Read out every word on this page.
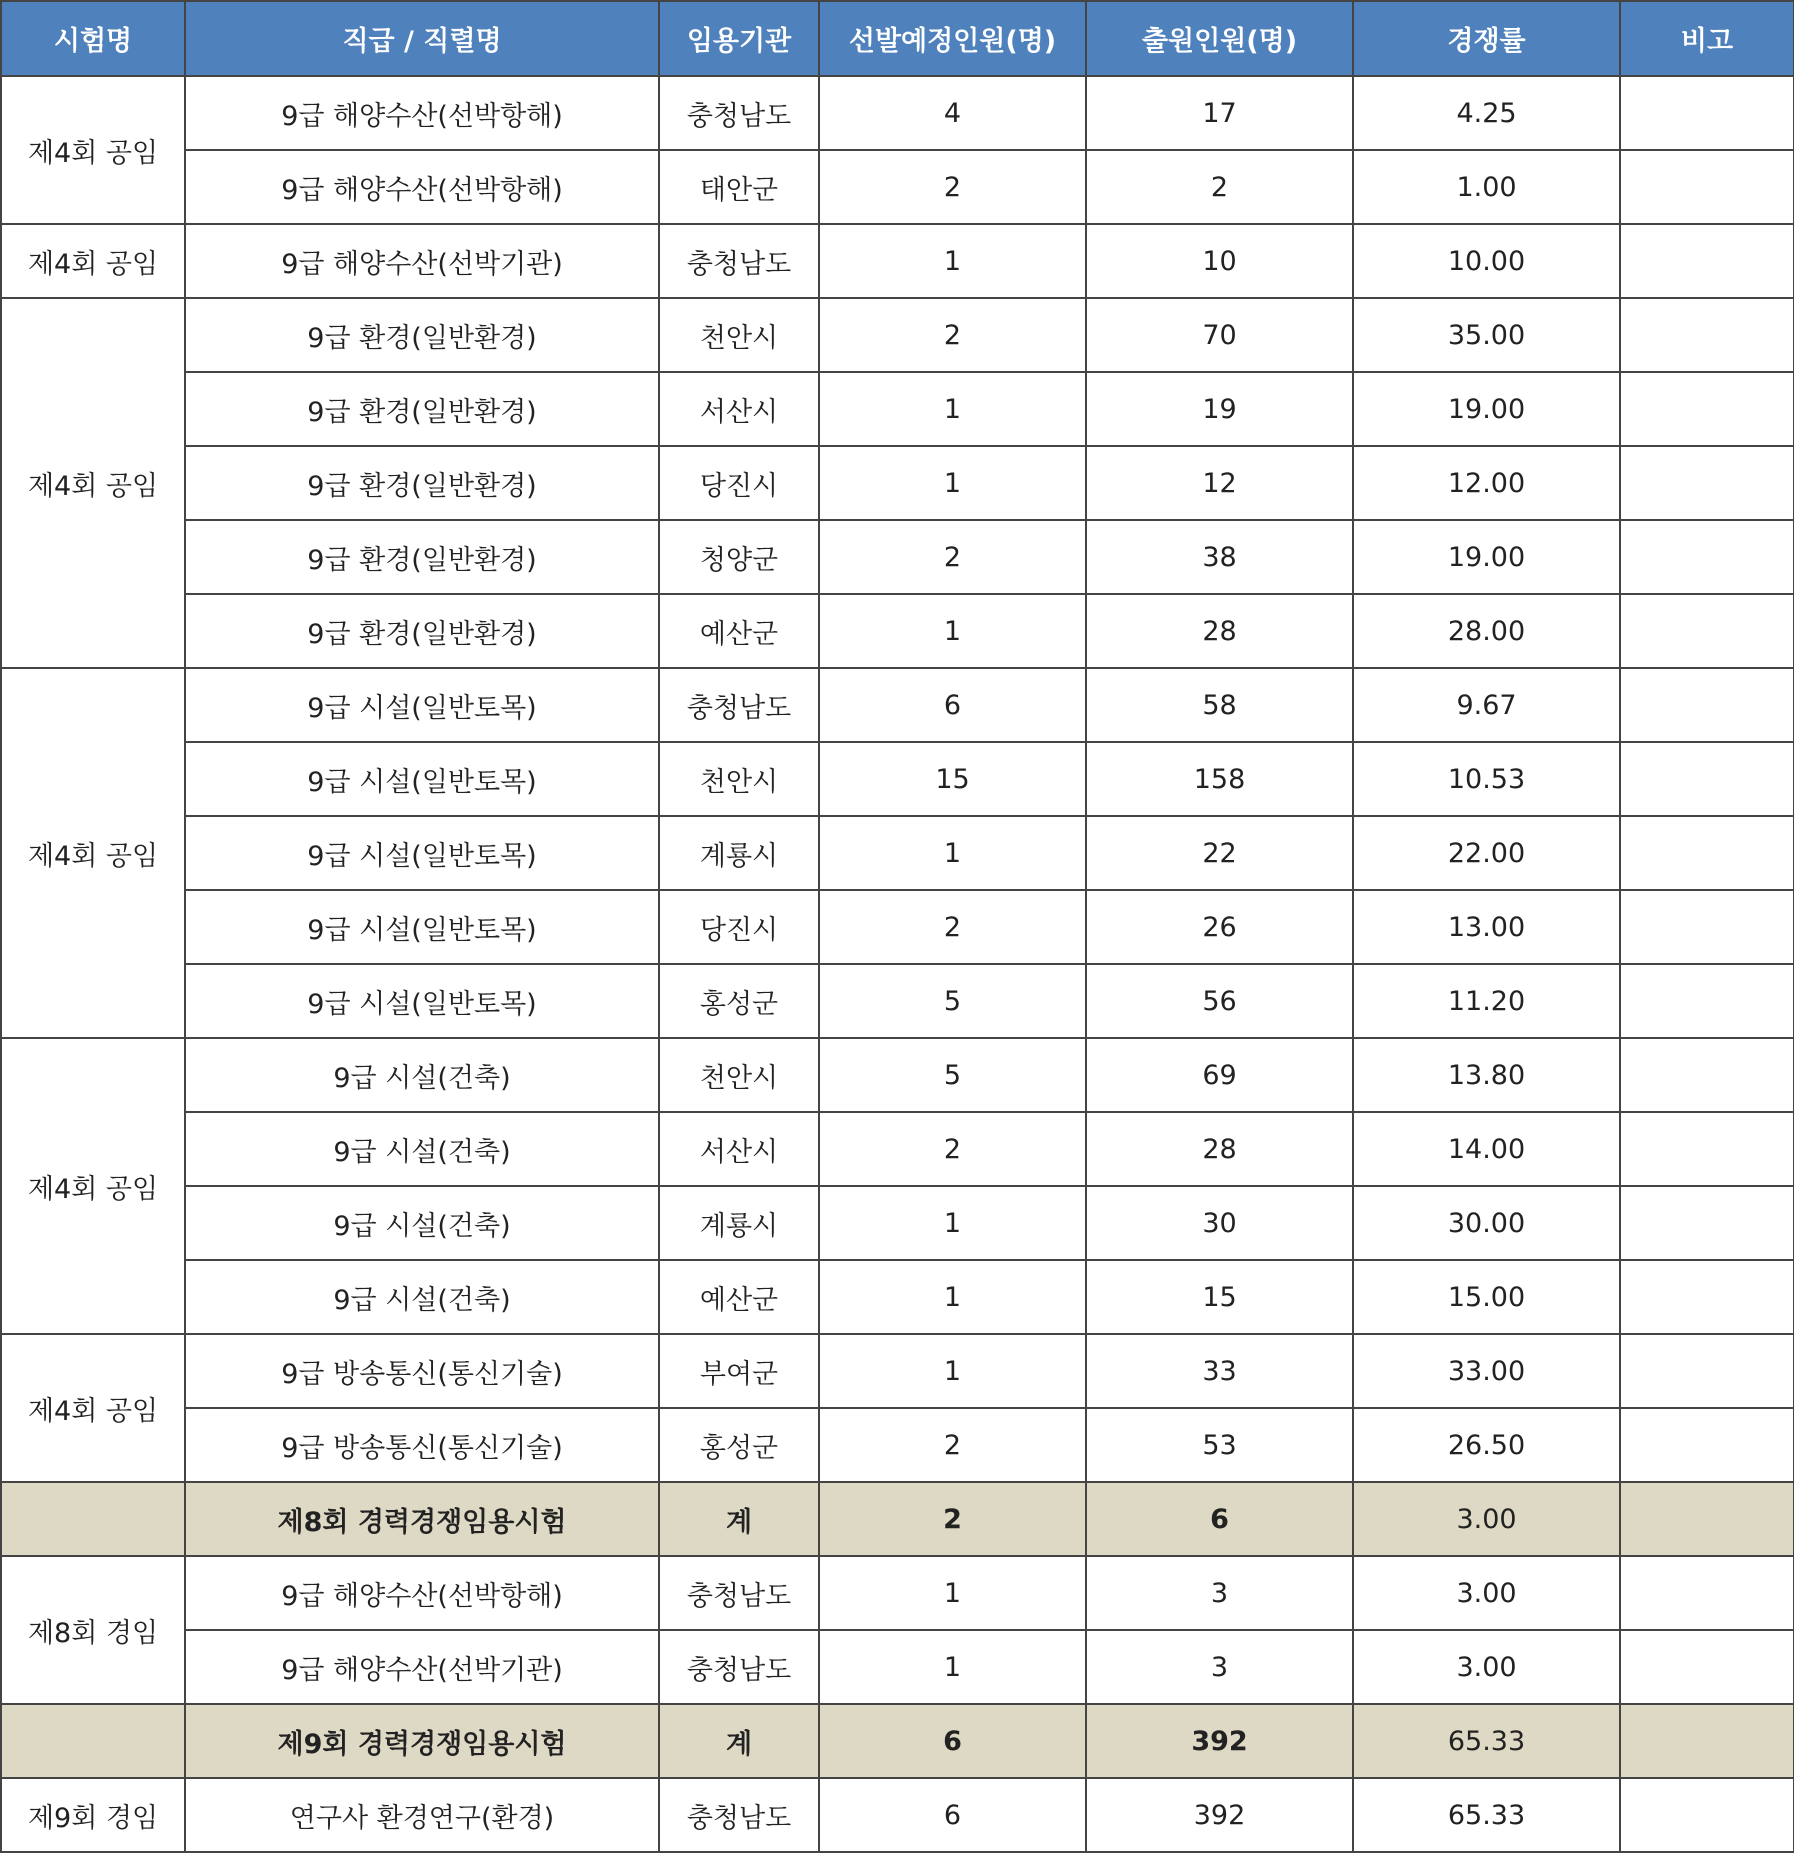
시험명	직급 / 직렬명	임용기관	선발예정인원(명)	출원인원(명)	경쟁률	비고
제4회 공임	9급 해양수산(선박항해)	충청남도	4	17	4.25	
	9급 해양수산(선박항해)	태안군	2	2	1.00	
제4회 공임	9급 해양수산(선박기관)	충청남도	1	10	10.00	
제4회 공임	9급 환경(일반환경)	천안시	2	70	35.00	
	9급 환경(일반환경)	서산시	1	19	19.00	
	9급 환경(일반환경)	당진시	1	12	12.00	
	9급 환경(일반환경)	청양군	2	38	19.00	
	9급 환경(일반환경)	예산군	1	28	28.00	
제4회 공임	9급 시설(일반토목)	충청남도	6	58	9.67	
	9급 시설(일반토목)	천안시	15	158	10.53	
	9급 시설(일반토목)	계룡시	1	22	22.00	
	9급 시설(일반토목)	당진시	2	26	13.00	
	9급 시설(일반토목)	홍성군	5	56	11.20	
제4회 공임	9급 시설(건축)	천안시	5	69	13.80	
	9급 시설(건축)	서산시	2	28	14.00	
	9급 시설(건축)	계룡시	1	30	30.00	
	9급 시설(건축)	예산군	1	15	15.00	
제4회 공임	9급 방송통신(통신기술)	부여군	1	33	33.00	
	9급 방송통신(통신기술)	홍성군	2	53	26.50	
	제8회 경력경쟁임용시험	계	2	6	3.00	
제8회 경임	9급 해양수산(선박항해)	충청남도	1	3	3.00	
	9급 해양수산(선박기관)	충청남도	1	3	3.00	
	제9회 경력경쟁임용시험	계	6	392	65.33	
제9회 경임	연구사 환경연구(환경)	충청남도	6	392	65.33	
